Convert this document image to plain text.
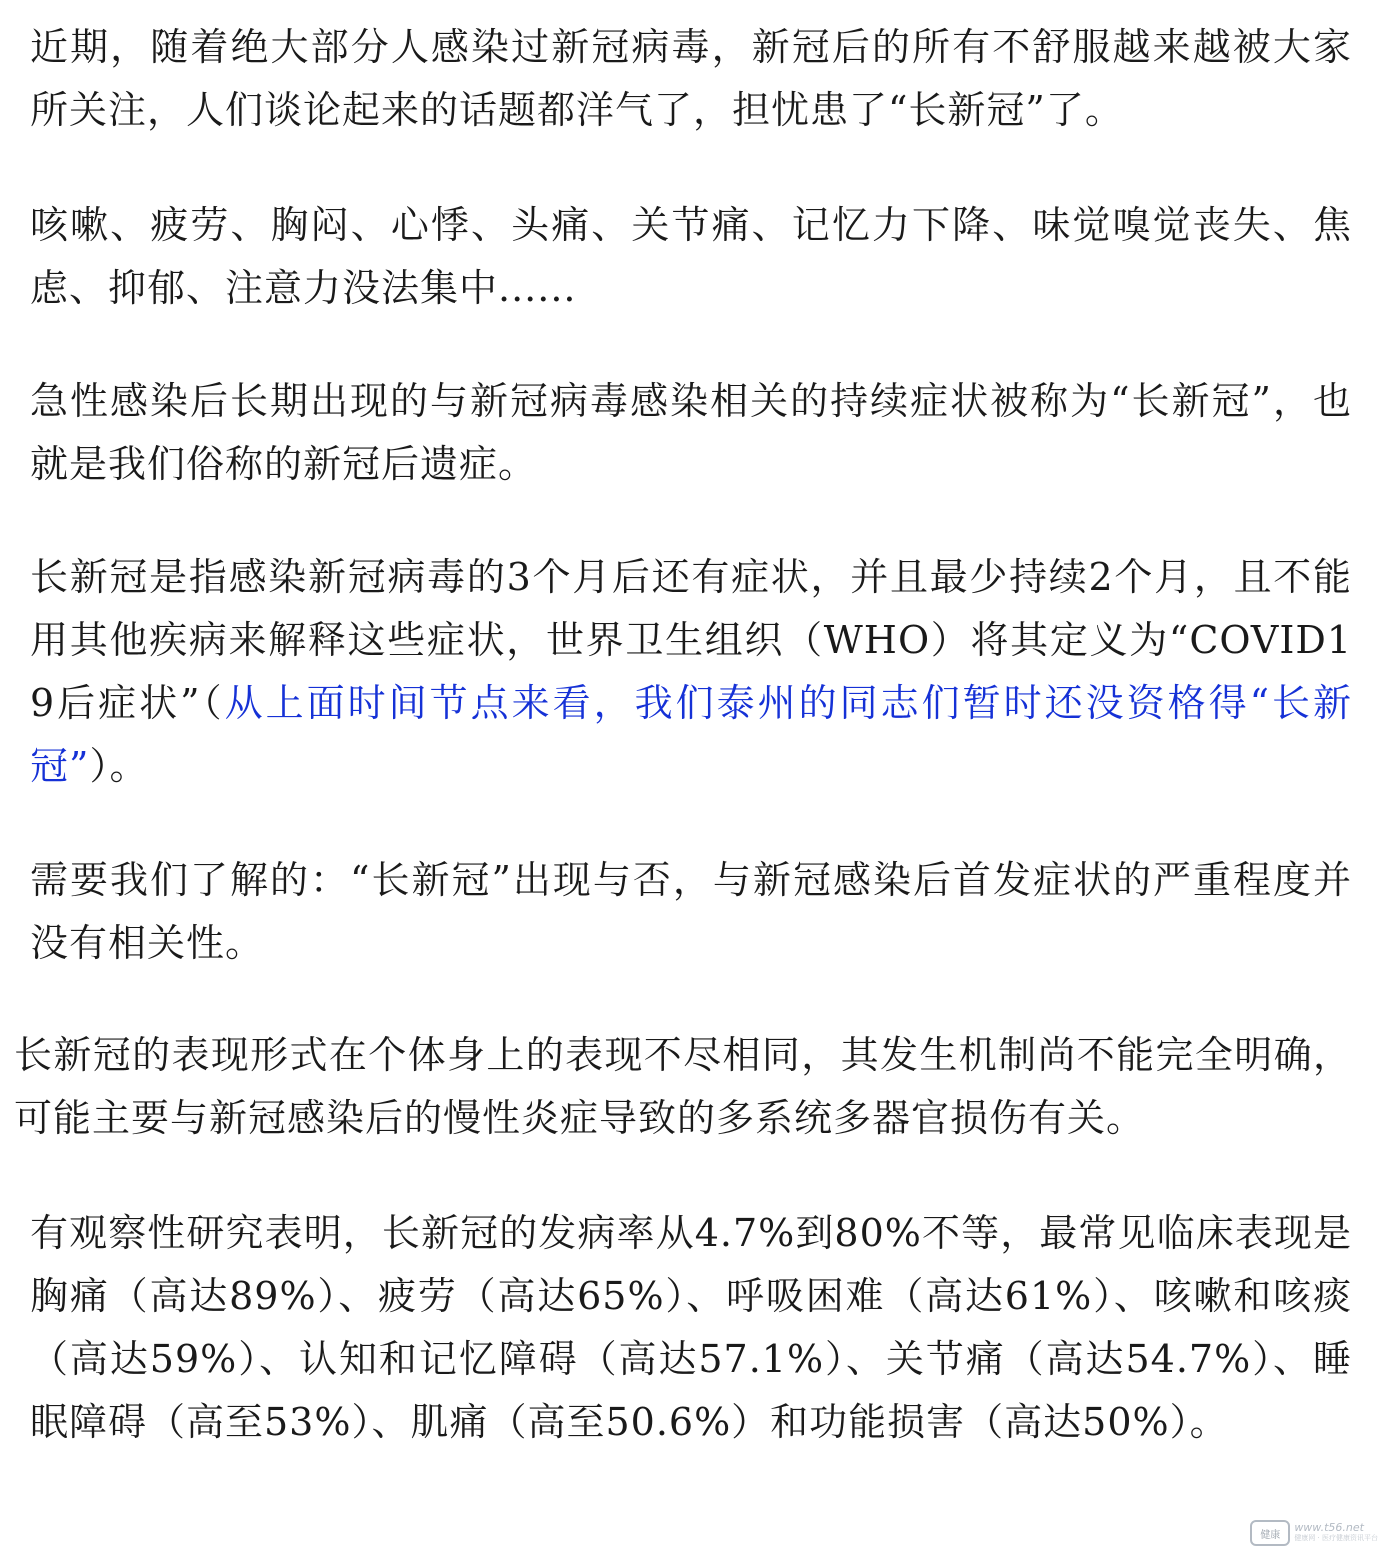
近期，随着绝大部分人感染过新冠病毒，新冠后的所有不舒服越来越被大家所关注，人们谈论起来的话题都洋气了，担忧患了“长新冠”了。

咳嗽、疲劳、胸闷、心悸、头痛、关节痛、记忆力下降、味觉嗅觉丧失、焦虑、抑郁、注意力没法集中......

急性感染后长期出现的与新冠病毒感染相关的持续症状被称为“长新冠”，也就是我们俗称的新冠后遗症。

长新冠是指感染新冠病毒的3个月后还有症状，并且最少持续2个月，且不能用其他疾病来解释这些症状，世界卫生组织（WHO）将其定义为“COVID19后症状”（从上面时间节点来看，我们泰州的同志们暂时还没资格得“长新冠”）。

需要我们了解的：“长新冠”出现与否，与新冠感染后首发症状的严重程度并没有相关性。

长新冠的表现形式在个体身上的表现不尽相同，其发生机制尚不能完全明确，可能主要与新冠感染后的慢性炎症导致的多系统多器官损伤有关。

有观察性研究表明，长新冠的发病率从4.7%到80%不等，最常见临床表现是胸痛（高达89%）、疲劳（高达65%）、呼吸困难（高达61%）、咳嗽和咳痰（高达59%）、认知和记忆障碍（高达57.1%）、关节痛（高达54.7%）、睡眠障碍（高至53%）、肌痛（高至50.6%）和功能损害（高达50%）。

健康
www.t56.net
健康网 · 医疗健康资讯平台
